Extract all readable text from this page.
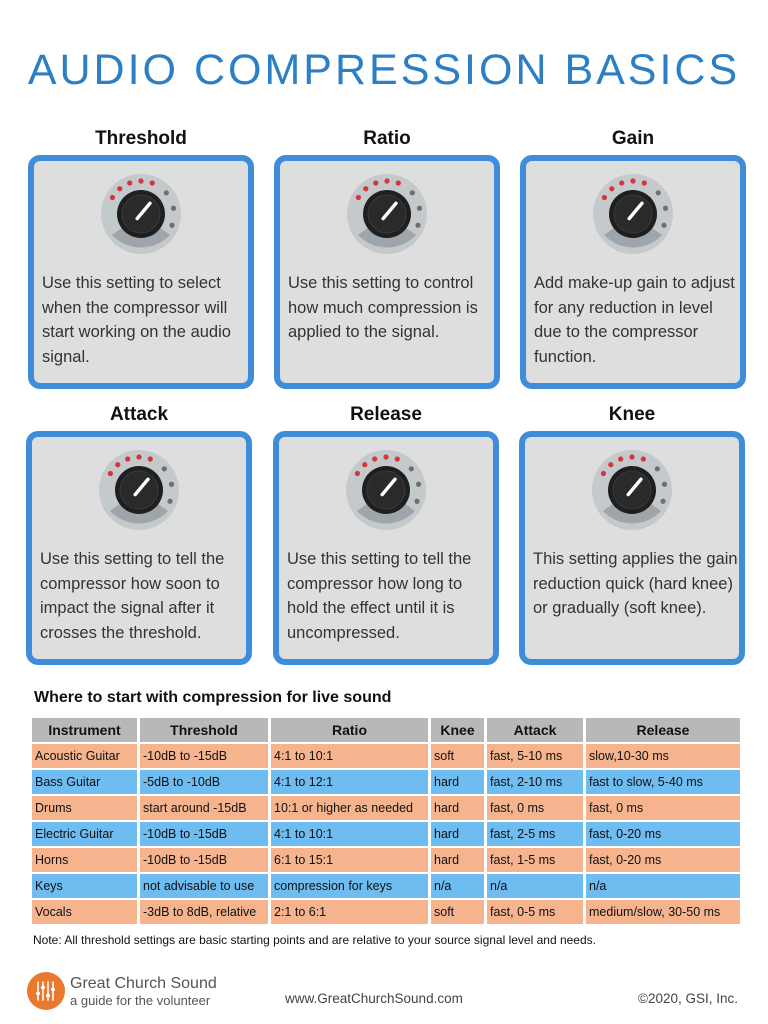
AUDIO COMPRESSION BASICS
Threshold
Use this setting to select when the compressor will start working on the audio signal.
Ratio
Use this setting to control how much compression is applied to the signal.
Gain
Add make-up gain to adjust for any reduction in level due to the compressor function.
Attack
Use this setting to tell the compressor how soon to impact the signal after it crosses the threshold.
Release
Use this setting to tell the compressor how long to hold the effect until it is uncompressed.
Knee
This setting applies the gain reduction quick (hard knee) or gradually (soft knee).
Where to start with compression for live sound
Instrument	Threshold	Ratio	Knee	Attack	Release
Acoustic Guitar	-10dB to -15dB	4:1 to 10:1	soft	fast, 5-10 ms	slow,10-30 ms
Bass Guitar	-5dB to -10dB	4:1 to 12:1	hard	fast, 2-10 ms	fast to slow, 5-40 ms
Drums	start around -15dB	10:1 or higher as needed	hard	fast, 0 ms	fast, 0 ms
Electric Guitar	-10dB to -15dB	4:1 to 10:1	hard	fast, 2-5 ms	fast, 0-20 ms
Horns	-10dB to -15dB	6:1 to 15:1	hard	fast, 1-5 ms	fast, 0-20 ms
Keys	not advisable to use	compression for keys	n/a	n/a	n/a
Vocals	-3dB to 8dB, relative	2:1 to 6:1	soft	fast, 0-5 ms	medium/slow, 30-50 ms
Note: All threshold settings are basic starting points and are relative to your source signal level and needs.
Great Church Sound
a guide for the volunteer	www.GreatChurchSound.com	©2020, GSI, Inc.
